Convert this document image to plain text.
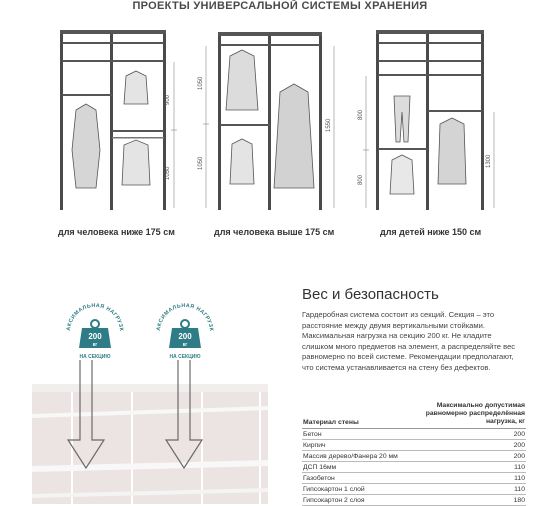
ПРОЕКТЫ УНИВЕРСАЛЬНОЙ СИСТЕМЫ ХРАНЕНИЯ
900
1050
для человека ниже 175 см
1050
1050
1550
для человека выше 175 см
800
800
1300
для детей ниже 150 см
АКСИМАЛЬНАЯ НАГРУЗК
200
кг
НА СЕКЦИЮ
АКСИМАЛЬНАЯ НАГРУЗК
200
кг
НА СЕКЦИЮ
Вес и безопасность
Гардеробная система состоит из секций. Секция – это расстояние между двумя вертикальными стойками. Максимальная нагрузка на секцию 200 кг. Не кладите слишком много предметов на элемент, а распределяйте вес равномерно по всей системе. Рекомендации предполагают, что система устанавливается на стену без дефектов.
Материал стены	Максимально допустимая равномерно распределённая нагрузка, кг
Бетон	200
Кирпич	200
Массив дерево/Фанера 20 мм	200
ДСП 16мм	110
Газобетон	110
Гипсокартон 1 слой	110
Гипсокартон 2 слоя	180
